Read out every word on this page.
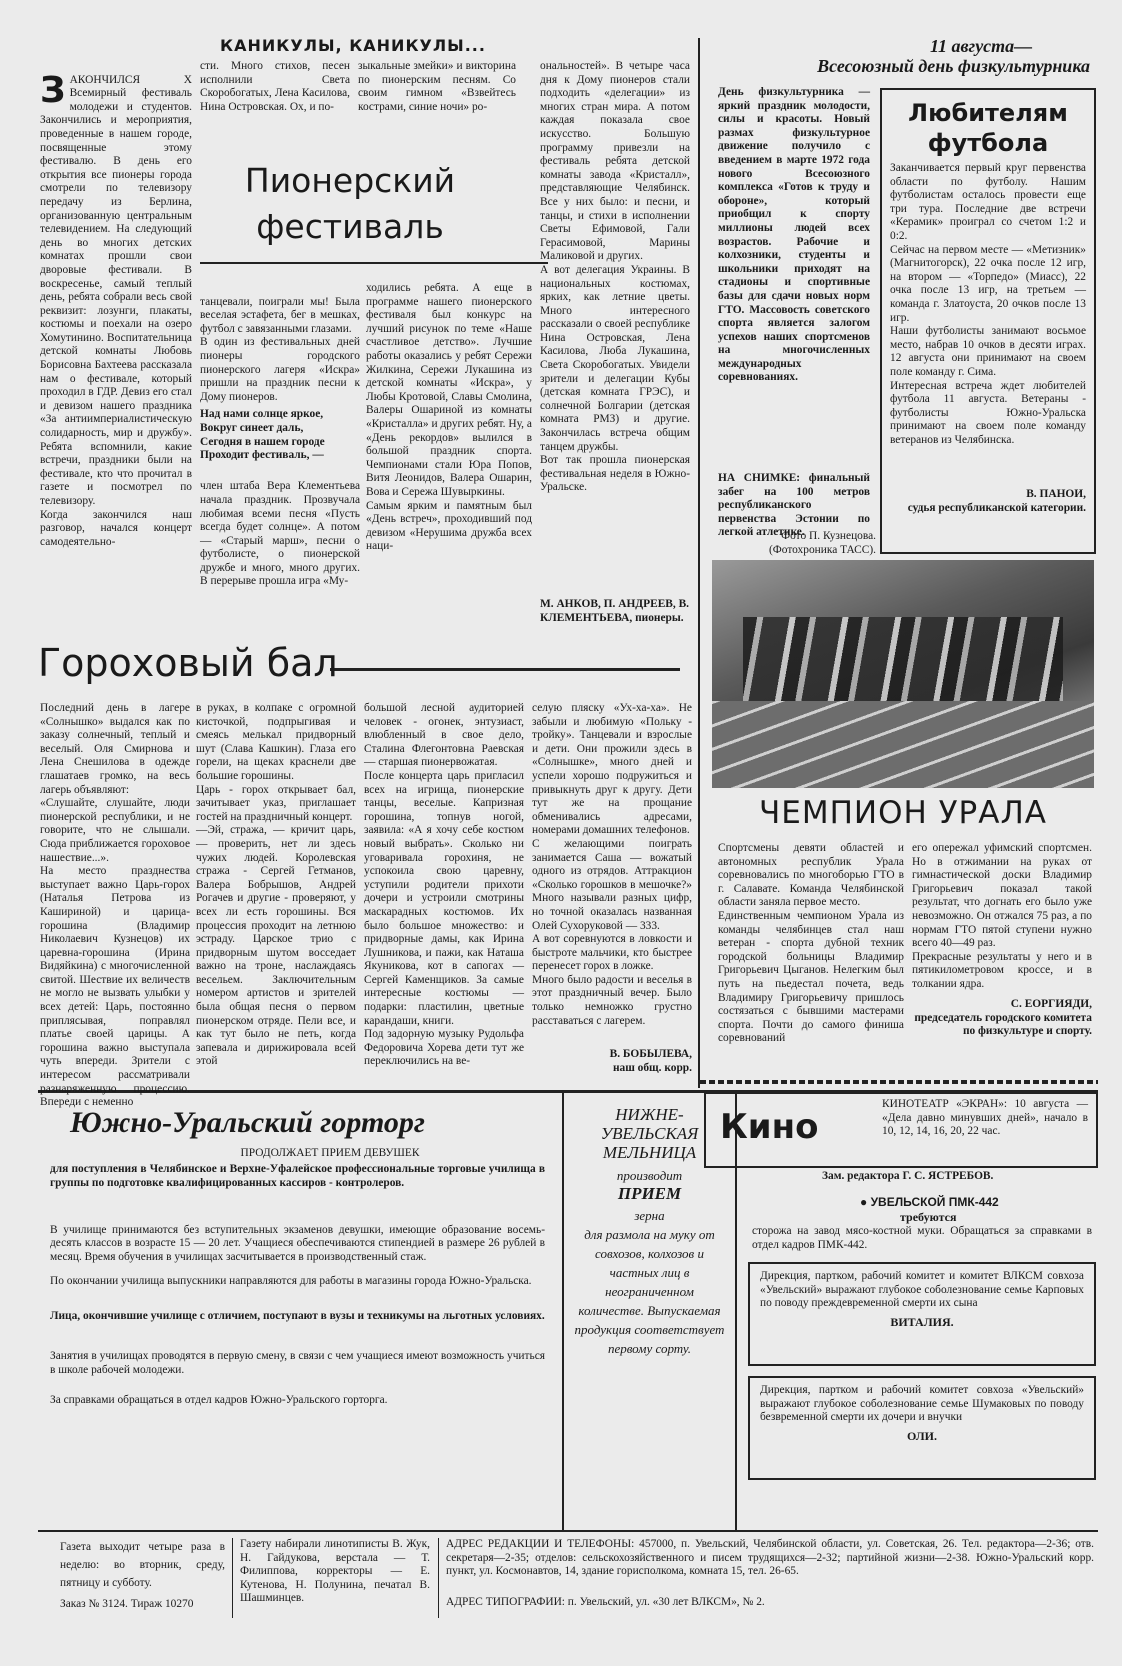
КАНИКУЛЫ, КАНИКУЛЫ...

ЗАКОНЧИЛСЯ X Всемирный фестиваль молодежи и студентов. Закончились и мероприятия, проведенные в нашем городе, посвященные этому фестивалю. В день его открытия все пионеры города смотрели по телевизору передачу из Берлина, организованную центральным телевидением. На следующий день во многих детских комнатах прошли свои дворовые фестивали. В воскресенье, самый теплый день, ребята собрали весь свой реквизит: лозунги, плакаты, костюмы и поехали на озеро Хомутинино. Воспитательница детской комнаты Любовь Борисовна Бахтеева рассказала нам о фестивале, который проходил в ГДР. Девиз его стал и девизом нашего праздника «За антиимпериалистическую солидарность, мир и дружбу». Ребята вспомнили, какие встречи, праздники были на фестивале, кто что прочитал в газете и посмотрел по телевизору.
Когда закончился наш разговор, начался концерт самодеятельно-

сти. Много стихов, песен исполнили Света Скоробогатых, Лена Касилова, Нина Островская. Ох, и по-
зыкальные змейки» и викторина по пионерским песням. Со своим гимном «Взвейтесь кострами, синие ночи» ро-
ональностей». В четыре часа дня к Дому пионеров стали подходить «делегации» из многих стран мира. А потом каждая показала свое искусство. Большую программу привезли на фестиваль ребята детской комнаты завода «Кристалл», представляющие Челябинск. Все у них было: и песни, и танцы, и стихи в исполнении Светы Ефимовой, Гали Герасимовой, Марины Маликовой и других.
А вот делегация Украины. В национальных костюмах, ярких, как летние цветы. Много интересного рассказали о своей республике Нина Островская, Лена Касилова, Люба Лукашина, Света Скоробогатых. Увидели зрители и делегации Кубы (детская комната ГРЭС), и солнечной Болгарии (детская комната РМЗ) и другие. Закончилась встреча общим танцем дружбы.
Вот так прошла пионерская фестивальная неделя в Южно-Уральске.
М. АНКОВ, П. АНДРЕЕВ, В. КЛЕМЕНТЬЕВА, пионеры.
Пионерский фестиваль

танцевали, поиграли мы! Была веселая эстафета, бег в мешках, футбол с завязанными глазами.
В один из фестивальных дней пионеры городского пионерского лагеря «Искра» пришли на праздник песни к Дому пионеров.

Над нами солнце яркое,
Вокруг синеет даль,
Сегодня в нашем городе
Проходит фестиваль, —

член штаба Вера Клементьева начала праздник. Прозвучала любимая всеми песня «Пусть всегда будет солнце». А потом — «Старый марш», песни о футболисте, о пионерской дружбе и много, много других. В перерыве прошла игра «Му-

ходились ребята. А еще в программе нашего пионерского фестиваля был конкурс на лучший рисунок по теме «Наше счастливое детство». Лучшие работы оказались у ребят Сережи Жилкина, Сережи Лукашина из детской комнаты «Искра», у Любы Кротовой, Славы Смолина, Валеры Ошариной из комнаты «Кристалла» и других ребят. Ну, а «День рекордов» вылился в большой праздник спорта. Чемпионами стали Юра Попов, Витя Леонидов, Валера Ошарин, Вова и Сережа Шувыркины.
Самым ярким и памятным был «День встреч», проходивший под девизом «Нерушима дружба всех наци-
Гороховый бал
Последний день в лагере «Солнышко» выдался как по заказу солнечный, теплый и веселый. Оля Смирнова и Лена Снешилова в одежде глашатаев громко, на весь лагерь объявляют:
«Слушайте, слушайте, люди пионерской республики, и не говорите, что не слышали. Сюда приближается гороховое нашествие...».
На место празднества выступает важно Царь-горох (Наталья Петрова из Кашириной) и царица-горошина (Владимир Николаевич Кузнецов) их царевна-горошина (Ирина Видяйкина) с многочисленной свитой. Шествие их величеств не могло не вызвать улыбки у всех детей: Царь, постоянно приплясывая, поправлял платье своей царицы. А горошина важно выступала чуть впереди. Зрители с интересом рассматривали разнаряженную процессию. Впереди с неменно
в руках, в колпаке с огромной кисточкой, подпрыгивая и смеясь мелькал придворный шут (Слава Кашкин). Глаза его горели, на щеках краснели две большие горошины.
Царь - горох открывает бал, зачитывает указ, приглашает гостей на праздничный концерт.
—Эй, стража, — кричит царь, — проверить, нет ли здесь чужих людей. Королевская стража - Сергей Гетманов, Валера Бобрышов, Андрей Рогачев и другие - проверяют, у всех ли есть горошины. Вся процессия проходит на летнюю эстраду. Царское трио с придворным шутом восседает важно на троне, наслаждаясь весельем. Заключительным номером артистов и зрителей была общая песня о первом пионерском отряде. Пели все, и как тут было не петь, когда запевала и дирижировала всей этой
большой лесной аудиторией человек - огонек, энтузиаст, влюбленный в свое дело, Сталина Флегонтовна Раевская — старшая пионервожатая.
После концерта царь пригласил всех на игрища, пионерские танцы, веселые. Капризная горошина, топнув ногой, заявила: «А я хочу себе костюм новый выбрать». Сколько ни уговаривала горохиня, не успокоила свою царевну, уступили родители прихоти дочери и устроили смотрины маскарадных костюмов. Их было большое множество: и придворные дамы, как Ирина Лушникова, и пажи, как Наташа Якуникова, кот в сапогах — Сергей Каменщиков. За самые интересные костюмы — подарки: пластилин, цветные карандаши, книги.
Под задорную музыку Рудольфа Федоровича Хорева дети тут же переключились на ве-
селую пляску «Ух-ха-ха». Не забыли и любимую «Польку - тройку». Танцевали и взрослые и дети. Они прожили здесь в «Солнышке», много дней и успели хорошо подружиться и привыкнуть друг к другу. Дети тут же на прощание обменивались адресами, номерами домашних телефонов.
С желающими поиграть занимается Саша — вожатый одного из отрядов. Аттракцион «Сколько горошков в мешочке?» Много называли разных цифр, но точной оказалась названная Олей Сухоруковой — 333.
А вот соревнуются в ловкости и быстроте мальчики, кто быстрее перенесет горох в ложке.
Много было радости и веселья в этот праздничный вечер. Было только немножко грустно расставаться с лагерем.
В. БОБЫЛЕВА,
наш общ. корр.
11 августа—
Всесоюзный день физкультурника
День физкультурника — яркий праздник молодости, силы и красоты. Новый размах физкультурное движение получило с введением в марте 1972 года нового Всесоюзного комплекса «Готов к труду и обороне», который приобщил к спорту миллионы людей всех возрастов. Рабочие и колхозники, студенты и школьники приходят на стадионы и спортивные базы для сдачи новых норм ГТО. Массовость советского спорта является залогом успехов наших спортсменов на многочисленных международных соревнованиях.
НА СНИМКЕ: финальный забег на 100 метров республиканского первенства Эстонии по легкой атлетике.
Фото П. Кузнецова.
(Фотохроника ТАСС).
Любителям футбола
Заканчивается первый круг первенства области по футболу. Нашим футболистам осталось провести еще три тура. Последние две встречи «Керамик» проиграл со счетом 1:2 и 0:2.
Сейчас на первом месте — «Метизник» (Магнитогорск), 22 очка после 12 игр, на втором — «Торпедо» (Миасс), 22 очка после 13 игр, на третьем — команда г. Златоуста, 20 очков после 13 игр.
Наши футболисты занимают восьмое место, набрав 10 очков в десяти играх. 12 августа они принимают на своем поле команду г. Сима.
Интересная встреча ждет любителей футбола 11 августа. Ветераны - футболисты Южно-Уральска принимают на своем поле команду ветеранов из Челябинска.
В. ПАНОИ,
судья республиканской категории.
ЧЕМПИОН УРАЛА
Спортсмены девяти областей и автономных республик Урала соревновались по многоборью ГТО в г. Салавате. Команда Челябинской области заняла первое место.
Единственным чемпионом Урала из команды челябинцев стал наш ветеран - спорта дубной техник городской больницы Владимир Григорьевич Цыганов. Нелегким был путь на пьедестал почета, ведь Владимиру Григорьевичу пришлось состязаться с бывшими мастерами спорта. Почти до самого финиша соревнований
его опережал уфимский спортсмен. Но в отжимании на руках от гимнастической доски Владимир Григорьевич показал такой результат, что догнать его было уже невозможно. Он отжался 75 раз, а по нормам ГТО пятой ступени нужно всего 40—49 раз.
Прекрасные результаты у него и в пятикилометровом кроссе, и в толкании ядра.
С. ЕОРГИЯДИ,
председатель городского комитета по физкультуре и спорту.
Кино
КИНОТЕАТР «ЭКРАН»: 10 августа — «Дела давно минувших дней», начало в 10, 12, 14, 16, 20, 22 час.
Зам. редактора Г. С. ЯСТРЕБОВ.
Южно-Уральский горторг
ПРОДОЛЖАЕТ ПРИЕМ ДЕВУШЕК
для поступления в Челябинское и Верхне-Уфалейское профессиональные торговые училища в группы по подготовке квалифицированных кассиров - контролеров.

В училище принимаются без вступительных экзаменов девушки, имеющие образование восемь-десять классов в возрасте 15 — 20 лет. Учащиеся обеспечиваются стипендией в размере 26 рублей в месяц. Время обучения в училищах засчитывается в производственный стаж.

По окончании училища выпускники направляются для работы в магазины города Южно-Уральска.
Лица, окончившие училище с отличием, поступают в вузы и техникумы на льготных условиях.
Занятия в училищах проводятся в первую смену, в связи с чем учащиеся имеют возможность учиться в школе рабочей молодежи.
За справками обращаться в отдел кадров Южно-Уральского горторга.
НИЖНЕ-
УВЕЛЬСКАЯ
МЕЛЬНИЦА
производит
ПРИЕМ
зерна
для размола на муку от совхозов, колхозов и частных лиц в неограниченном количестве. Выпускаемая продукция соответствует первому сорту.
● УВЕЛЬСКОЙ ПМК-442
требуются
сторожа на завод мясо-костной муки. Обращаться за справками в отдел кадров ПМК-442.
Дирекция, партком, рабочий комитет и комитет ВЛКСМ совхоза «Увельский» выражают глубокое соболезнование семье Карповых по поводу преждевременной смерти их сына
ВИТАЛИЯ.
Дирекция, партком и рабочий комитет совхоза «Увельский» выражают глубокое соболезнование семье Шумаковых по поводу безвременной смерти их дочери и внучки
ОЛИ.
Газета выходит четыре раза в неделю: во вторник, среду, пятницу и субботу.
Заказ № 3124. Тираж 10270
Газету набирали линотиписты В. Жук, Н. Гайдукова, верстала — Т. Филиппова, корректоры — Е. Кутенова, Н. Полунина, печатал В. Шашминцев.
АДРЕС РЕДАКЦИИ И ТЕЛЕФОНЫ: 457000, п. Увельский, Челябинской области, ул. Советская, 26. Тел. редактора—2-36; отв. секретаря—2-35; отделов: сельскохозяйственного и писем трудящихся—2-32; партийной жизни—2-38. Южно-Уральский корр. пункт, ул. Космонавтов, 14, здание горисполкома, комната 15, тел. 26-65.
АДРЕС ТИПОГРАФИИ: п. Увельский, ул. «30 лет ВЛКСМ», № 2.
